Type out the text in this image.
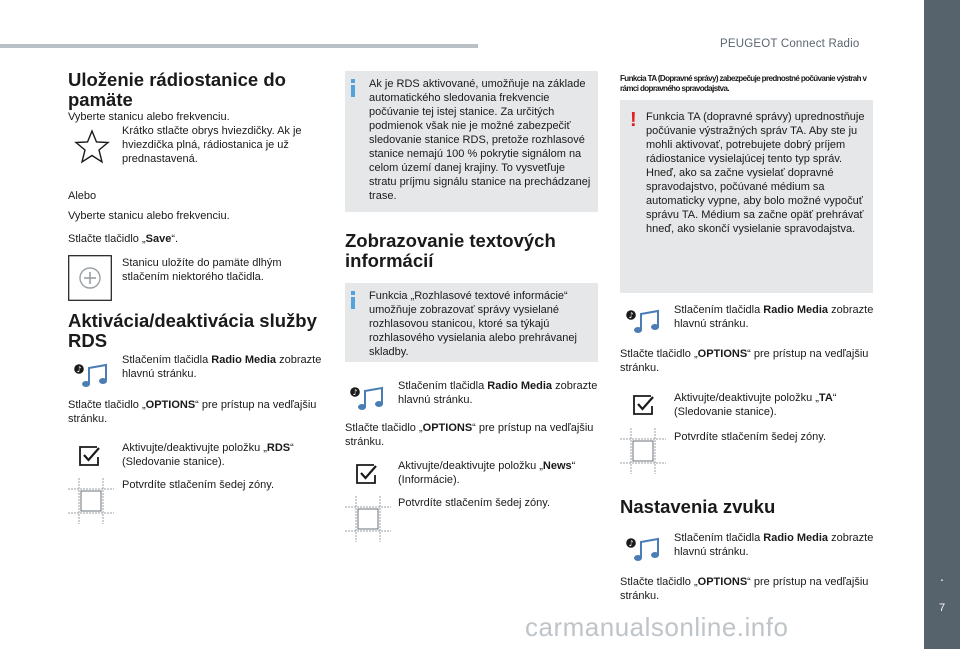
PEUGEOT Connect Radio
.
7
carmanualsonline.info
Uloženie rádiostanice do pamäte

Vyberte stanicu alebo frekvenciu.

Krátko stlačte obrys hviezdičky. Ak je hviezdička plná, rádiostanica je už prednastavená.

Alebo

Vyberte stanicu alebo frekvenciu.

Stlačte tlačidlo „Save“.

Stanicu uložíte do pamäte dlhým stlačením niektorého tlačidla.

Aktivácia/deaktivácia služby RDS
♪

Stlačením tlačidla Radio Media zobrazte hlavnú stránku.

Stlačte tlačidlo „OPTIONS“ pre prístup na vedľajšiu stránku.

Aktivujte/deaktivujte položku „RDS“ (Sledovanie stanice).

Potvrdíte stlačením šedej zóny.

Ak je RDS aktivované, umožňuje na základe automatického sledovania frekvencie počúvanie tej istej stanice. Za určitých podmienok však nie je možné zabezpečiť sledovanie stanice RDS, pretože rozhlasové stanice nemajú 100 % pokrytie signálom na celom území danej krajiny. To vysvetľuje stratu príjmu signálu stanice na prechádzanej trase.

Zobrazovanie textových informácií

Funkcia „Rozhlasové textové informácie“ umožňuje zobrazovať správy vysielané rozhlasovou stanicou, ktoré sa týkajú rozhlasového vysielania alebo prehrávanej skladby.

♪

Stlačením tlačidla Radio Media zobrazte hlavnú stránku.

Stlačte tlačidlo „OPTIONS“ pre prístup na vedľajšiu stránku.

Aktivujte/deaktivujte položku „News“ (Informácie).

Potvrdíte stlačením šedej zóny.

Funkcia TA (Dopravné správy) zabezpečuje prednostné počúvanie výstrah v rámci dopravného spravodajstva.
! Funkcia TA (dopravné správy) uprednostňuje počúvanie výstražných správ TA. Aby ste ju mohli aktivovať, potrebujete dobrý príjem rádiostanice vysielajúcej tento typ správ. Hneď, ako sa začne vysielať dopravné spravodajstvo, počúvané médium sa automaticky vypne, aby bolo možné vypočuť správu TA. Médium sa začne opäť prehrávať hneď, ako skončí vysielanie spravodajstva.

♪	Stlačením tlačidla Radio Media zobrazte hlavnú stránku.

Stlačte tlačidlo „OPTIONS“ pre prístup na vedľajšiu stránku.

Aktivujte/deaktivujte položku „TA“ (Sledovanie stanice).

Potvrdíte stlačením šedej zóny.

Nastavenia zvuku
♪	Stlačením tlačidla Radio Media zobrazte hlavnú stránku.

Stlačte tlačidlo „OPTIONS“ pre prístup na vedľajšiu stránku.
